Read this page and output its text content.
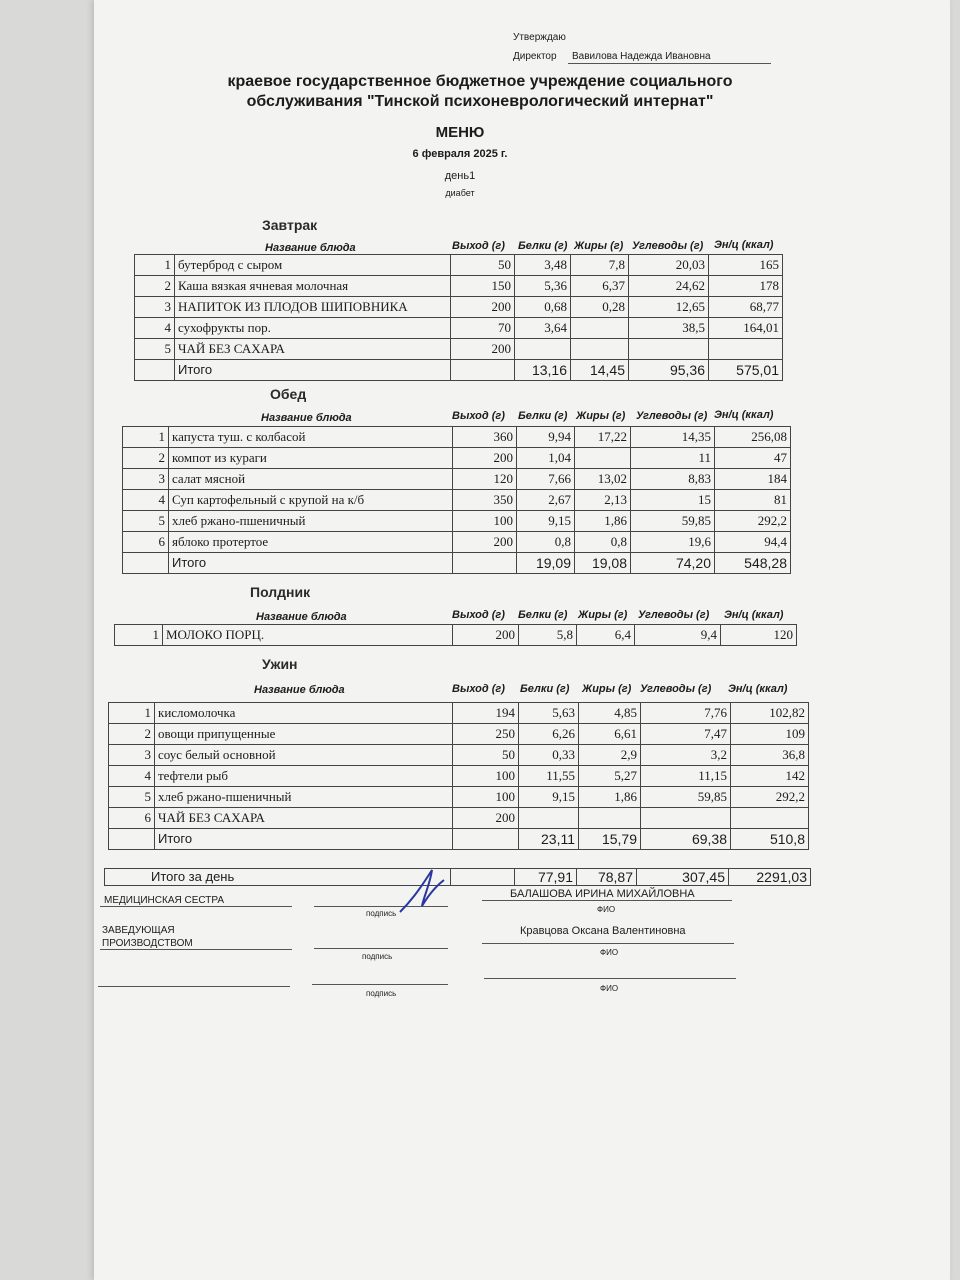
Утверждаю
Директор Вавилова Надежда Ивановна
краевое государственное бюджетное учреждение социального
обслуживания "Тинской психоневрологический интернат"
МЕНЮ
6 февраля 2025 г.
день1
диабет
Завтрак
Название блюда	Выход (г) Белки (г) Жиры (г) Углеводы (г) Эн/ц (ккал)
1	бутерброд с сыром	50	3,48	7,8	20,03	165
2	Каша вязкая ячневая молочная	150	5,36	6,37	24,62	178
3	НАПИТОК ИЗ ПЛОДОВ ШИПОВНИКА	200	0,68	0,28	12,65	68,77
4	сухофрукты пор.	70	3,64		38,5	164,01
5	ЧАЙ БЕЗ САХАРА	200				
	Итого		13,16	14,45	95,36	575,01
Обед
Название блюда	Выход (г) Белки (г) Жиры (г) Углеводы (г) Эн/ц (ккал)
1	капуста туш. с колбасой	360	9,94	17,22	14,35	256,08
2	компот из кураги	200	1,04		11	47
3	салат мясной	120	7,66	13,02	8,83	184
4	Суп картофельный с крупой на к/б	350	2,67	2,13	15	81
5	хлеб ржано-пшеничный	100	9,15	1,86	59,85	292,2
6	яблоко протертое	200	0,8	0,8	19,6	94,4
	Итого		19,09	19,08	74,20	548,28
Полдник
Название блюда	Выход (г) Белки (г) Жиры (г) Углеводы (г) Эн/ц (ккал)
1	МОЛОКО ПОРЦ.	200	5,8	6,4	9,4	120
Ужин
Название блюда	Выход (г) Белки (г) Жиры (г) Углеводы (г) Эн/ц (ккал)
1	кисломолочка	194	5,63	4,85	7,76	102,82
2	овощи припущенные	250	6,26	6,61	7,47	109
3	соус белый основной	50	0,33	2,9	3,2	36,8
4	тефтели рыб	100	11,55	5,27	11,15	142
5	хлеб ржано-пшеничный	100	9,15	1,86	59,85	292,2
6	ЧАЙ БЕЗ САХАРА	200				
	Итого		23,11	15,79	69,38	510,8
Итого за день		77,91	78,87	307,45	2291,03
МЕДИЦИНСКАЯ СЕСТРА
подпись
БАЛАШОВА ИРИНА МИХАЙЛОВНА
ФИО
ЗАВЕДУЮЩАЯ
ПРОИЗВОДСТВОМ
подпись
Кравцова Оксана Валентиновна
ФИО
подпись
ФИО
